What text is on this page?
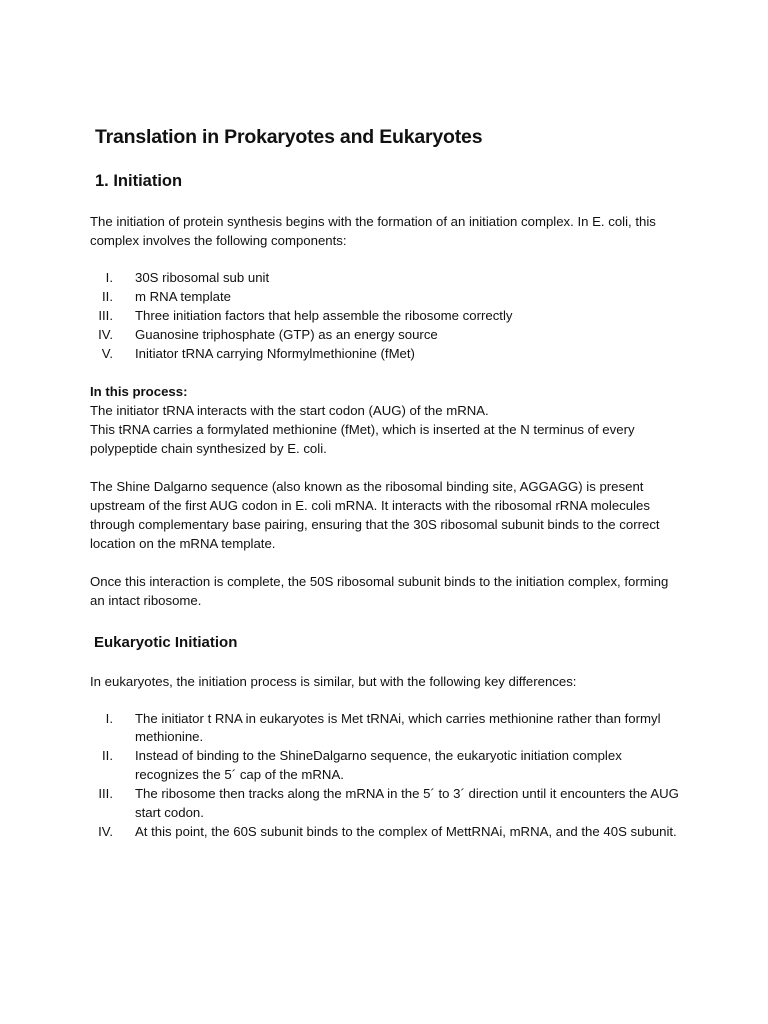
Translation in Prokaryotes and Eukaryotes
1. Initiation

The initiation of protein synthesis begins with the formation of an initiation complex. In E. coli, this complex involves the following components:

I. 30S ribosomal sub unit
II. m RNA template
III. Three initiation factors that help assemble the ribosome correctly
IV. Guanosine triphosphate (GTP) as an energy source
V. Initiator tRNA carrying Nformylmethionine (fMet)
In this process:

The initiator tRNA interacts with the start codon (AUG) of the mRNA.

This tRNA carries a formylated methionine (fMet), which is inserted at the N terminus of every polypeptide chain synthesized by E. coli.

The Shine Dalgarno sequence (also known as the ribosomal binding site, AGGAGG) is present upstream of the first AUG codon in E. coli mRNA. It interacts with the ribosomal rRNA molecules through complementary base pairing, ensuring that the 30S ribosomal subunit binds to the correct location on the mRNA template.

Once this interaction is complete, the 50S ribosomal subunit binds to the initiation complex, forming an intact ribosome.

Eukaryotic Initiation

In eukaryotes, the initiation process is similar, but with the following key differences:

I. The initiator t RNA in eukaryotes is Met tRNAi, which carries methionine rather than formyl methionine.
II. Instead of binding to the ShineDalgarno sequence, the eukaryotic initiation complex recognizes the 5´ cap of the mRNA.
III. The ribosome then tracks along the mRNA in the 5´ to 3´ direction until it encounters the AUG start codon.
IV. At this point, the 60S subunit binds to the complex of MettRNAi, mRNA, and the 40S subunit.
